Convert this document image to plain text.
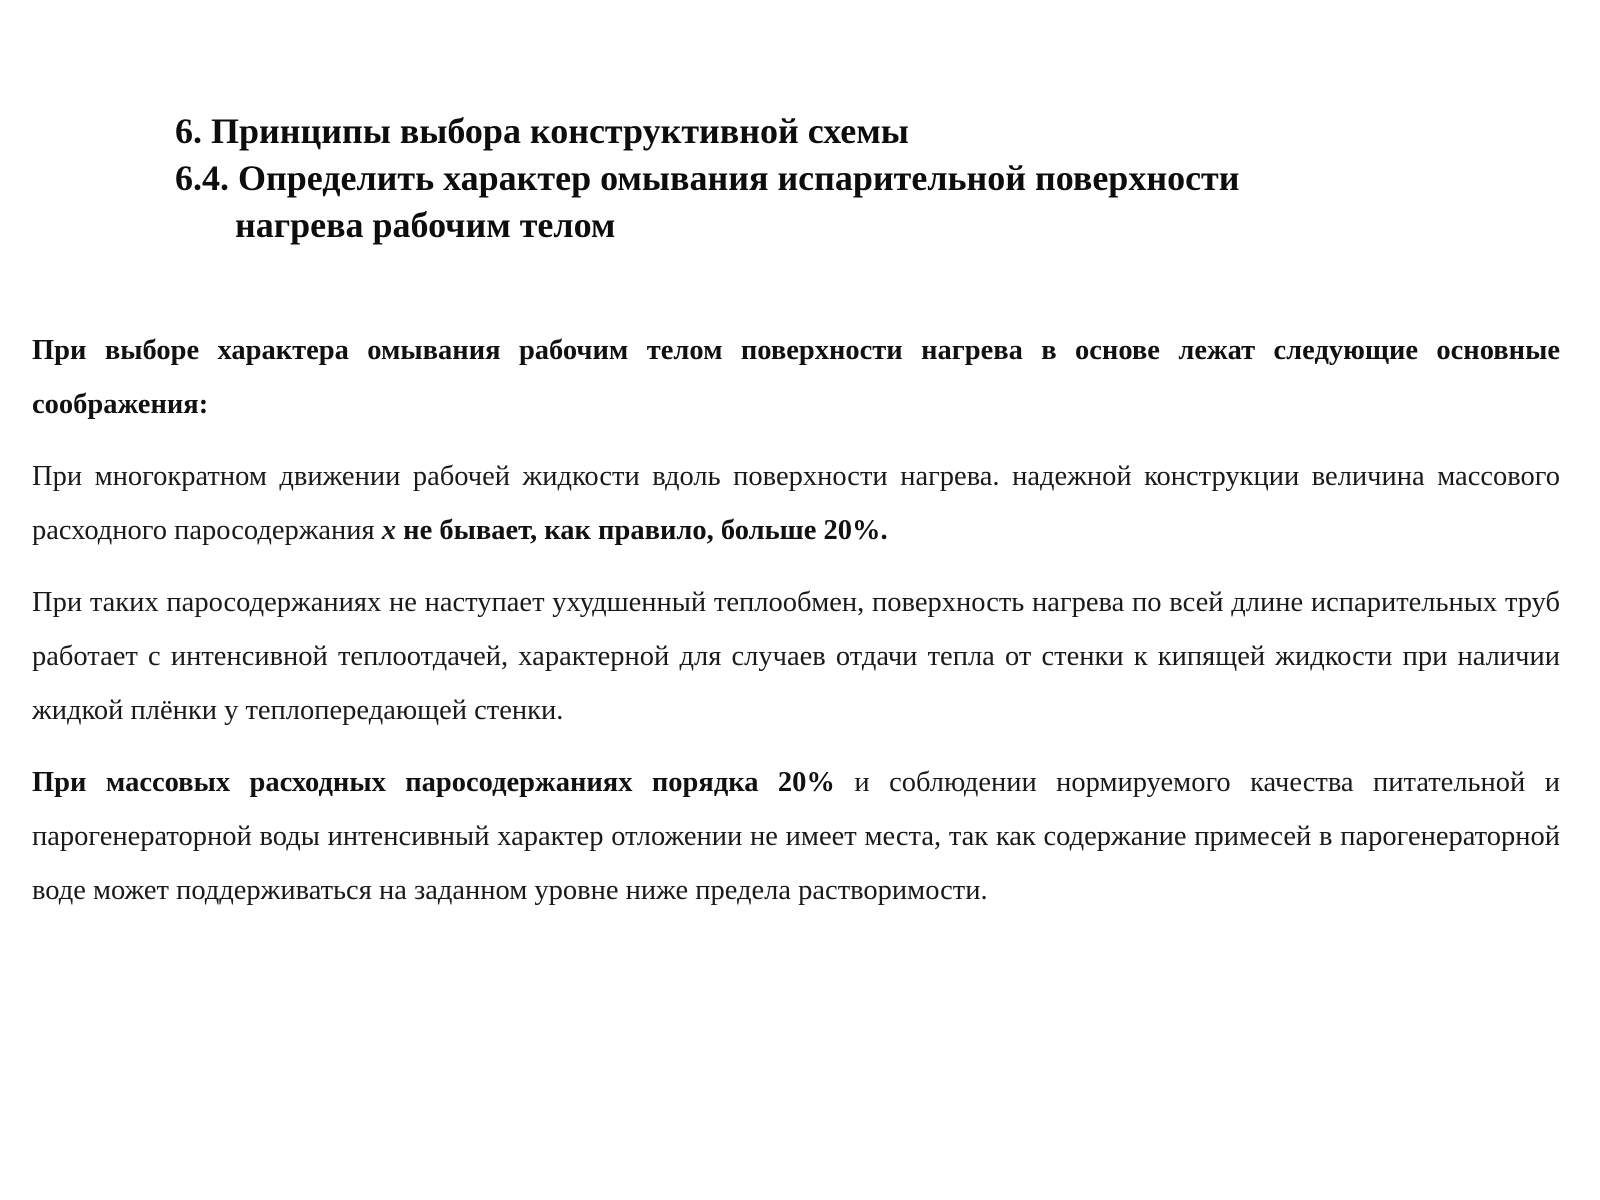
6. Принципы выбора конструктивной схемы
6.4. Определить характер омывания испарительной поверхности
нагрева рабочим телом

При выборе характера омывания рабочим телом поверхности нагрева в основе лежат следующие основные соображения:

При многократном движении рабочей жидкости вдоль поверхности нагрева. надежной конструкции величина массового расходного паросодержания x не бывает, как правило, больше 20%.

При таких паросодержаниях не наступает ухудшенный теплообмен, поверхность нагрева по всей длине испарительных труб работает с интенсивной теплоотдачей, характерной для случаев отдачи тепла от стенки к кипящей жидкости при наличии жидкой плёнки у теплопередающей стенки.

При массовых расходных паросодержаниях порядка 20% и соблюдении нормируемого качества питательной и парогенераторной воды интенсивный характер отложении не имеет места, так как содержание примесей в парогенераторной воде может поддерживаться на заданном уровне ниже предела растворимости.
